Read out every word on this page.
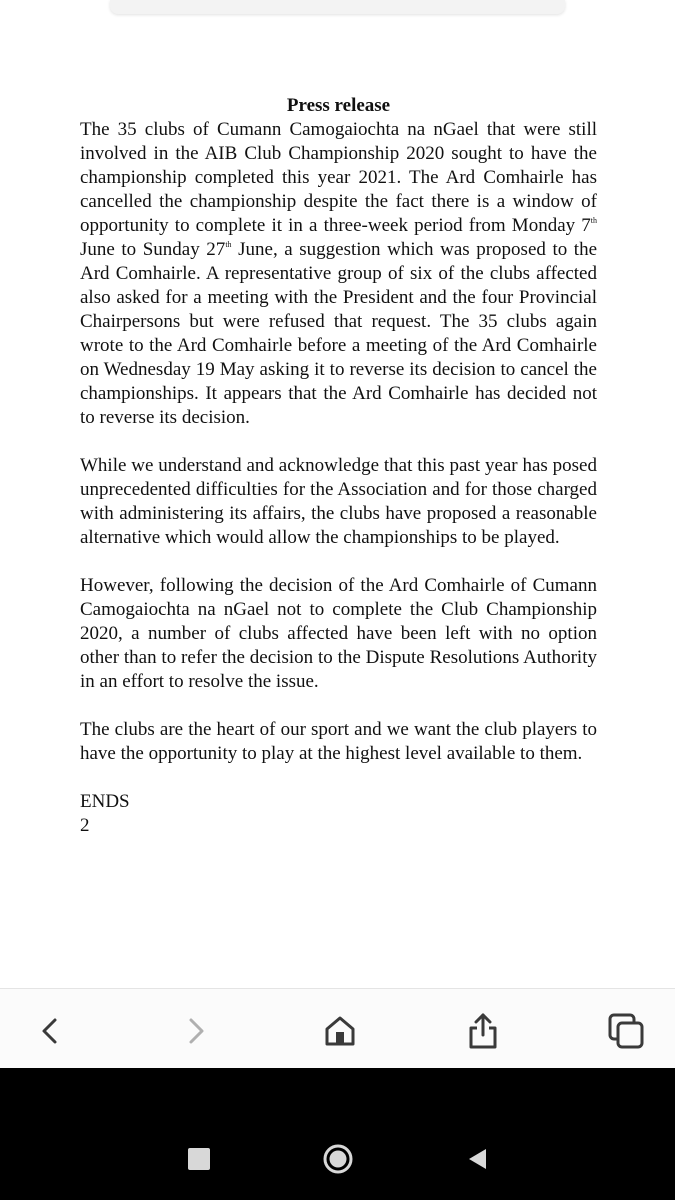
Press release

The 35 clubs of Cumann Camogaiochta na nGael that were still involved in the AIB Club Championship 2020 sought to have the championship completed this year 2021. The Ard Comhairle has cancelled the championship despite the fact there is a window of opportunity to complete it in a three-week period from Monday 7th June to Sunday 27th June, a suggestion which was proposed to the Ard Comhairle. A representative group of six of the clubs affected also asked for a meeting with the President and the four Provincial Chairpersons but were refused that request. The 35 clubs again wrote to the Ard Comhairle before a meeting of the Ard Comhairle on Wednesday 19 May asking it to reverse its decision to cancel the championships. It appears that the Ard Comhairle has decided not to reverse its decision.

While we understand and acknowledge that this past year has posed unprecedented difficulties for the Association and for those charged with administering its affairs, the clubs have proposed a reasonable alternative which would allow the championships to be played.

However, following the decision of the Ard Comhairle of Cumann Camogaiochta na nGael not to complete the Club Championship 2020, a number of clubs affected have been left with no option other than to refer the decision to the Dispute Resolutions Authority in an effort to resolve the issue.

The clubs are the heart of our sport and we want the club players to have the opportunity to play at the highest level available to them.

ENDS

2
